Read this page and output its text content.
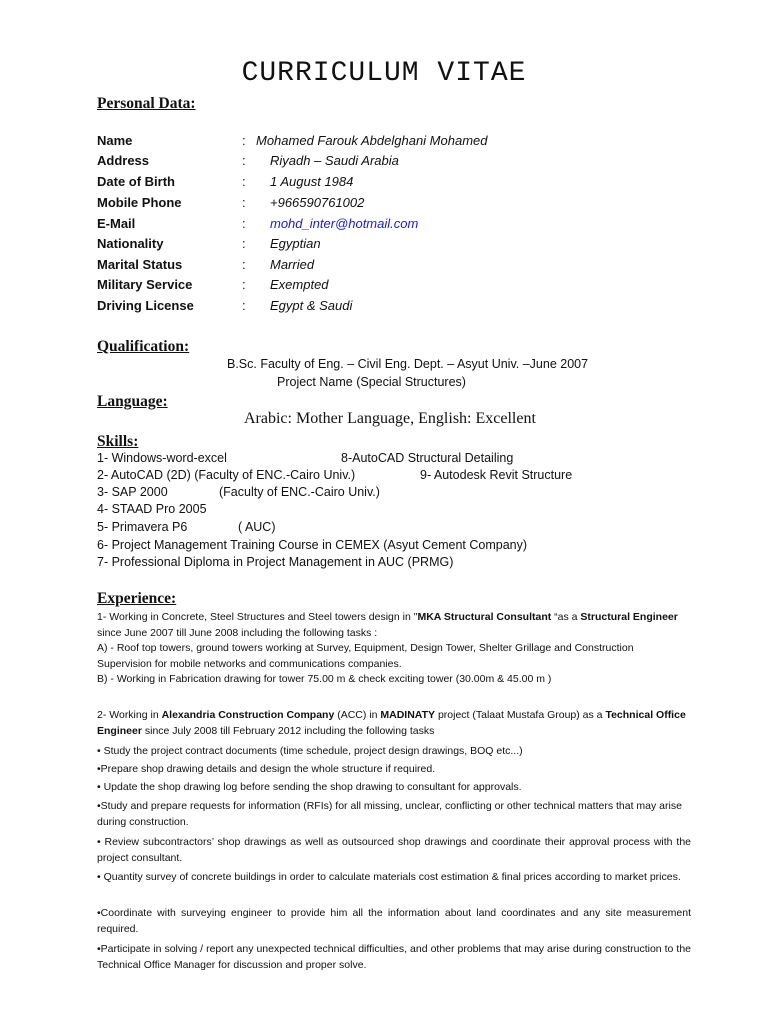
CURRICULUM VITAE
Personal Data:
Name	: Mohamed Farouk Abdelghani Mohamed
Address	: Riyadh – Saudi Arabia
Date of Birth	: 1 August 1984
Mobile Phone	: +966590761002
E-Mail	: mohd_inter@hotmail.com
Nationality	: Egyptian
Marital Status	: Married
Military Service	: Exempted
Driving License	: Egypt & Saudi
Qualification:
B.Sc. Faculty of Eng. – Civil Eng. Dept. – Asyut Univ. –June 2007
Project Name (Special Structures)
Language:
Arabic: Mother Language, English: Excellent
Skills:
1- Windows-word-excel	8-AutoCAD Structural Detailing
2- AutoCAD (2D) (Faculty of ENC.-Cairo Univ.)	9- Autodesk Revit Structure
3- SAP 2000	(Faculty of ENC.-Cairo Univ.)
4- STAAD Pro 2005
5- Primavera P6	( AUC)
6- Project Management Training Course in CEMEX (Asyut Cement Company)
7- Professional Diploma in Project Management in AUC (PRMG)
Experience:
1- Working in Concrete, Steel Structures and Steel towers design in "MKA Structural Consultant “as a Structural Engineer since June 2007 till June 2008 including the following tasks :
A) - Roof top towers, ground towers working at Survey, Equipment, Design Tower, Shelter Grillage and Construction Supervision for mobile networks and communications companies.
B) - Working in Fabrication drawing for tower 75.00 m & check exciting tower (30.00m & 45.00 m )
2- Working in Alexandria Construction Company (ACC) in MADINATY project (Talaat Mustafa Group) as a Technical Office Engineer since July 2008 till February 2012 including the following tasks
• Study the project contract documents (time schedule, project design drawings, BOQ etc...)
•Prepare shop drawing details and design the whole structure if required.
• Update the shop drawing log before sending the shop drawing to consultant for approvals.
•Study and prepare requests for information (RFIs) for all missing, unclear, conflicting or other technical matters that may arise during construction.
• Review subcontractors’ shop drawings as well as outsourced shop drawings and coordinate their approval process with the project consultant.
• Quantity survey of concrete buildings in order to calculate materials cost estimation & final prices according to market prices.
•Coordinate with surveying engineer to provide him all the information about land coordinates and any site measurement required.
•Participate in solving / report any unexpected technical difficulties, and other problems that may arise during construction to the Technical Office Manager for discussion and proper solve.
